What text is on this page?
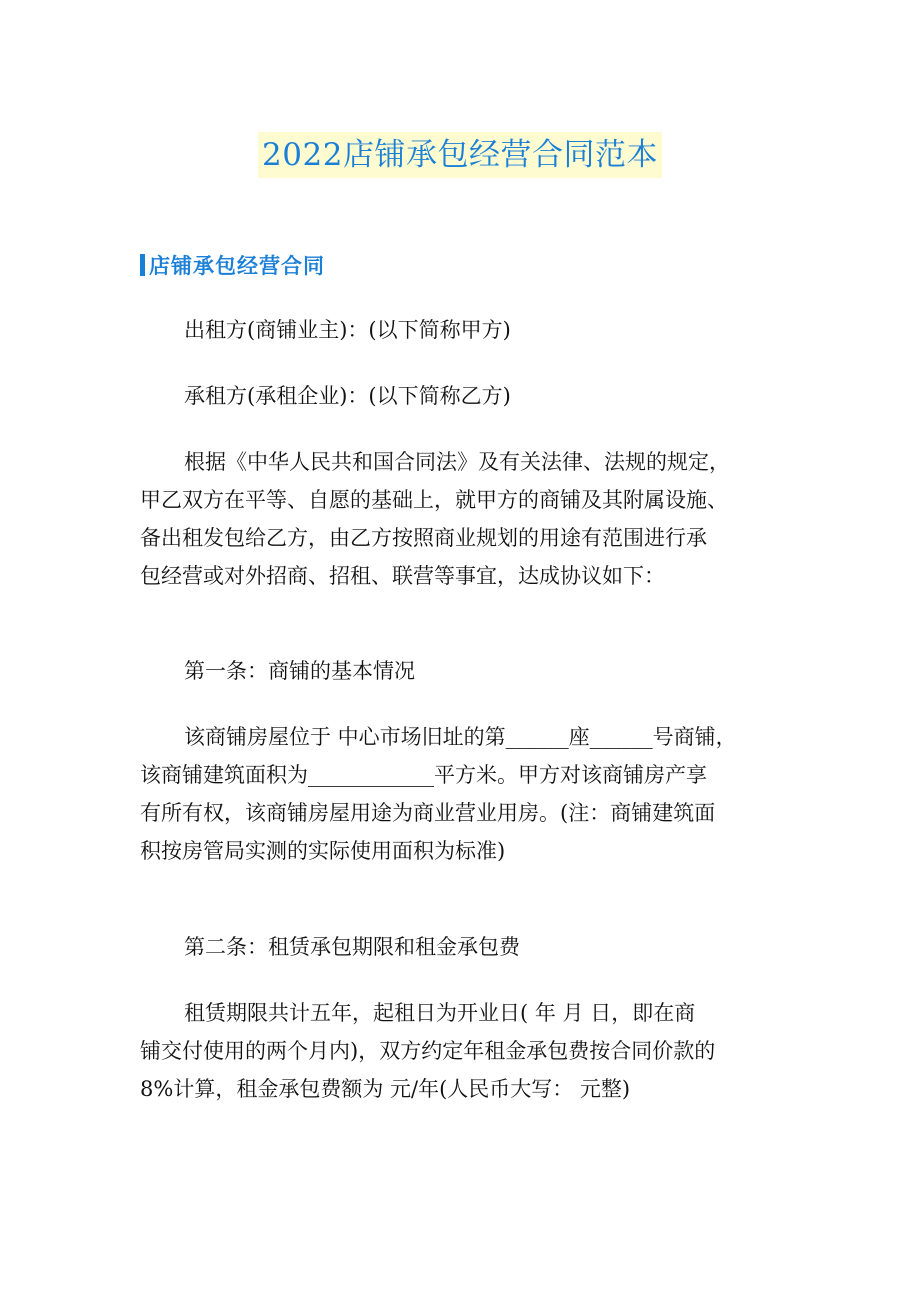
2022店铺承包经营合同范本
店铺承包经营合同
出租方(商铺业主)：(以下简称甲方)
承租方(承租企业)：(以下简称乙方)
根据《中华人民共和国合同法》及有关法律、法规的规定，
甲乙双方在平等、自愿的基础上，就甲方的商铺及其附属设施、
备出租发包给乙方，由乙方按照商业规划的用途有范围进行承
包经营或对外招商、招租、联营等事宜，达成协议如下：
第一条：商铺的基本情况
该商铺房屋位于 中心市场旧址的第______座______号商铺，
该商铺建筑面积为____________平方米。甲方对该商铺房产享
有所有权，该商铺房屋用途为商业营业用房。(注：商铺建筑面
积按房管局实测的实际使用面积为标准)
第二条：租赁承包期限和租金承包费
租赁期限共计五年，起租日为开业日( 年 月 日，即在商
铺交付使用的两个月内)，双方约定年租金承包费按合同价款的
8%计算，租金承包费额为 元/年(人民币大写： 元整)
